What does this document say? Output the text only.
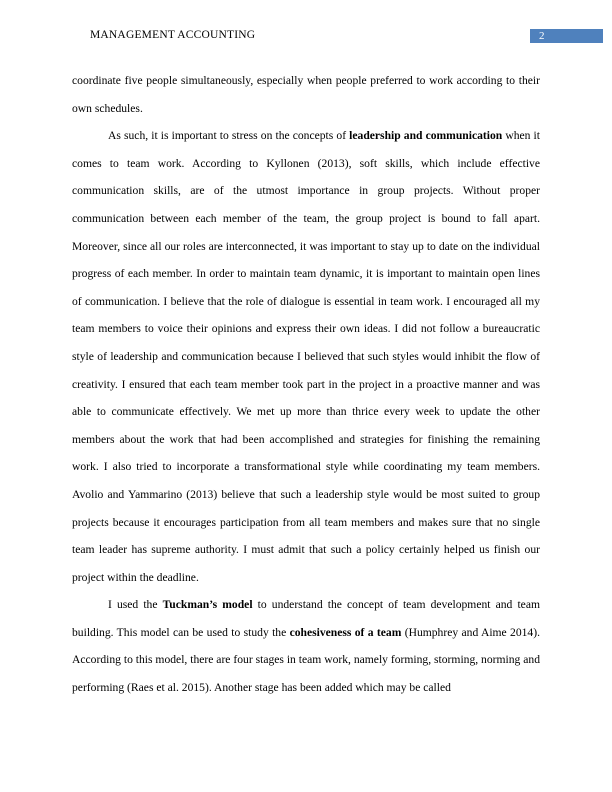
MANAGEMENT ACCOUNTING	2

coordinate five people simultaneously, especially when people preferred to work according to their own schedules.

As such, it is important to stress on the concepts of leadership and communication when it comes to team work. According to Kyllonen (2013), soft skills, which include effective communication skills, are of the utmost importance in group projects. Without proper communication between each member of the team, the group project is bound to fall apart. Moreover, since all our roles are interconnected, it was important to stay up to date on the individual progress of each member. In order to maintain team dynamic, it is important to maintain open lines of communication. I believe that the role of dialogue is essential in team work. I encouraged all my team members to voice their opinions and express their own ideas. I did not follow a bureaucratic style of leadership and communication because I believed that such styles would inhibit the flow of creativity. I ensured that each team member took part in the project in a proactive manner and was able to communicate effectively. We met up more than thrice every week to update the other members about the work that had been accomplished and strategies for finishing the remaining work. I also tried to incorporate a transformational style while coordinating my team members. Avolio and Yammarino (2013) believe that such a leadership style would be most suited to group projects because it encourages participation from all team members and makes sure that no single team leader has supreme authority. I must admit that such a policy certainly helped us finish our project within the deadline.

I used the Tuckman’s model to understand the concept of team development and team building. This model can be used to study the cohesiveness of a team (Humphrey and Aime 2014). According to this model, there are four stages in team work, namely forming, storming, norming and performing (Raes et al. 2015). Another stage has been added which may be called
